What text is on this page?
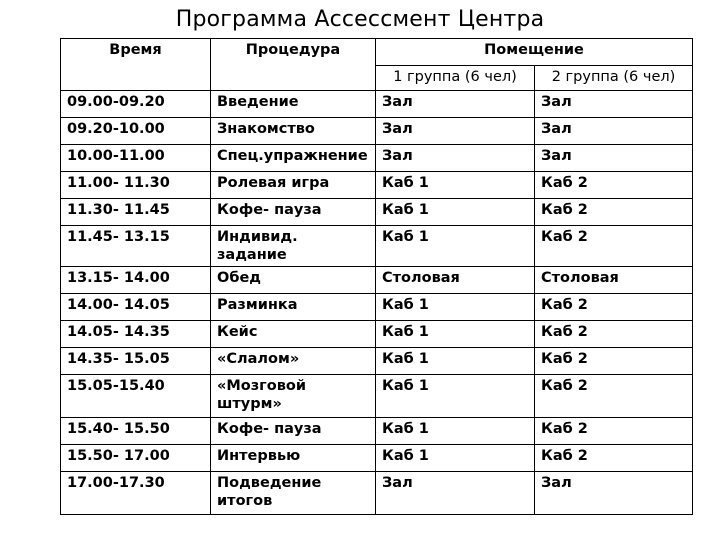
Программа Ассессмент Центра
Время	Процедура	Помещение	
		1 группа (6 чел)	2 группа (6 чел)
09.00-09.20	Введение	Зал	Зал
09.20-10.00	Знакомство	Зал	Зал
10.00-11.00	Спец.упражнение	Зал	Зал
11.00- 11.30	Ролевая игра	Каб 1	Каб 2
11.30- 11.45	Кофе- пауза	Каб 1	Каб 2
11.45- 13.15	Индивид. задание	Каб 1	Каб 2
13.15- 14.00	Обед	Столовая	Столовая
14.00- 14.05	Разминка	Каб 1	Каб 2
14.05- 14.35	Кейс	Каб 1	Каб 2
14.35- 15.05	«Слалом»	Каб 1	Каб 2
15.05-15.40	«Мозговой штурм»	Каб 1	Каб 2
15.40- 15.50	Кофе- пауза	Каб 1	Каб 2
15.50- 17.00	Интервью	Каб 1	Каб 2
17.00-17.30	Подведение итогов	Зал	Зал
